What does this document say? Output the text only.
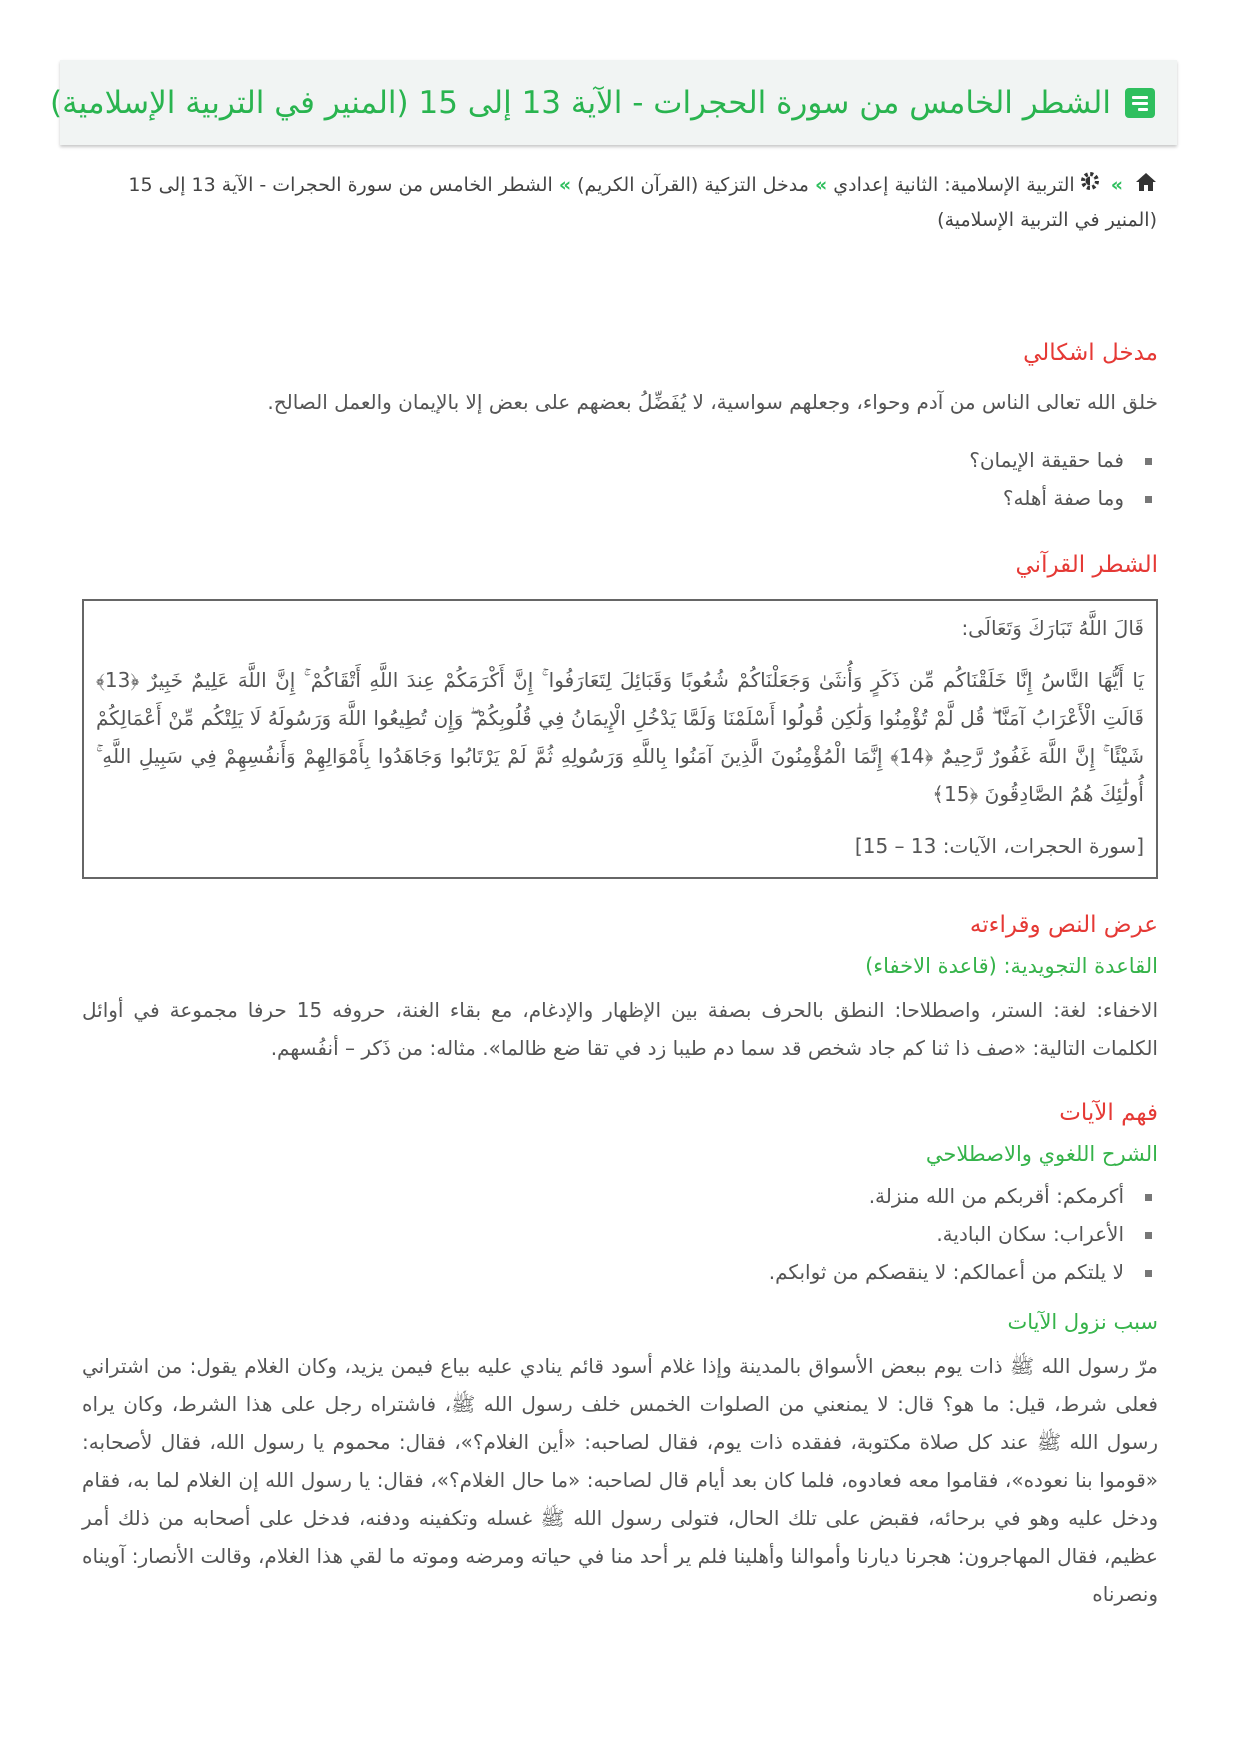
الشطر الخامس من سورة الحجرات - الآية 13 إلى 15 (المنير في التربية الإسلامية)
»التربية الإسلامية: الثانية إعدادي»مدخل التزكية (القرآن الكريم)»الشطر الخامس من سورة الحجرات - الآية 13 إلى 15 (المنير في التربية الإسلامية)
مدخل اشكالي

خلق الله تعالى الناس من آدم وحواء، وجعلهم سواسية، لا يُفَضِّلُ بعضهم على بعض إلا بالإيمان والعمل الصالح.

فما حقيقة الإيمان؟
وما صفة أهله؟
الشطر القرآني

قَالَ اللَّهُ تَبَارَكَ وَتَعَالَى:

يَا أَيُّهَا النَّاسُ إِنَّا خَلَقْنَاكُم مِّن ذَكَرٍ وَأُنثَىٰ وَجَعَلْنَاكُمْ شُعُوبًا وَقَبَائِلَ لِتَعَارَفُوا ۚ إِنَّ أَكْرَمَكُمْ عِندَ اللَّهِ أَتْقَاكُمْ ۚ إِنَّ اللَّهَ عَلِيمٌ خَبِيرٌ ﴿13﴾ قَالَتِ الْأَعْرَابُ آمَنَّا ۖ قُل لَّمْ تُؤْمِنُوا وَلَٰكِن قُولُوا أَسْلَمْنَا وَلَمَّا يَدْخُلِ الْإِيمَانُ فِي قُلُوبِكُمْ ۖ وَإِن تُطِيعُوا اللَّهَ وَرَسُولَهُ لَا يَلِتْكُم مِّنْ أَعْمَالِكُمْ شَيْئًا ۚ إِنَّ اللَّهَ غَفُورٌ رَّحِيمٌ ﴿14﴾ إِنَّمَا الْمُؤْمِنُونَ الَّذِينَ آمَنُوا بِاللَّهِ وَرَسُولِهِ ثُمَّ لَمْ يَرْتَابُوا وَجَاهَدُوا بِأَمْوَالِهِمْ وَأَنفُسِهِمْ فِي سَبِيلِ اللَّهِ ۚ أُولَٰئِكَ هُمُ الصَّادِقُونَ ﴿15﴾

[سورة الحجرات، الآيات: 13 – 15]

عرض النص وقراءته
القاعدة التجويدية: (قاعدة الاخفاء)

الاخفاء: لغة: الستر، واصطلاحا: النطق بالحرف بصفة بين الإظهار والإدغام، مع بقاء الغنة، حروفه 15 حرفا مجموعة في أوائل الكلمات التالية: «صف ذا ثنا كم جاد شخص قد سما دم طيبا زد في تقا ضع ظالما». مثاله: من ذَكر – أنفُسهم.

فهم الآيات
الشرح اللغوي والاصطلاحي
أكرمكم: أقربكم من الله منزلة.
الأعراب: سكان البادية.
لا يلتكم من أعمالكم: لا ينقصكم من ثوابكم.
سبب نزول الآيات

مرّ رسول الله ﷺ ذات يوم ببعض الأسواق بالمدينة وإذا غلام أسود قائم ينادي عليه بياع فيمن يزيد، وكان الغلام يقول: من اشتراني فعلى شرط، قيل: ما هو؟ قال: لا يمنعني من الصلوات الخمس خلف رسول الله ﷺ، فاشتراه رجل على هذا الشرط، وكان يراه رسول الله ﷺ عند كل صلاة مكتوبة، ففقده ذات يوم، فقال لصاحبه: «أين الغلام؟»، فقال: محموم يا رسول الله، فقال لأصحابه: «قوموا بنا نعوده»، فقاموا معه فعادوه، فلما كان بعد أيام قال لصاحبه: «ما حال الغلام؟»، فقال: يا رسول الله إن الغلام لما به، فقام ودخل عليه وهو في برحائه، فقبض على تلك الحال، فتولى رسول الله ﷺ غسله وتكفينه ودفنه، فدخل على أصحابه من ذلك أمر عظيم، فقال المهاجرون: هجرنا ديارنا وأموالنا وأهلينا فلم ير أحد منا في حياته ومرضه وموته ما لقي هذا الغلام، وقالت الأنصار: آويناه ونصرناه
